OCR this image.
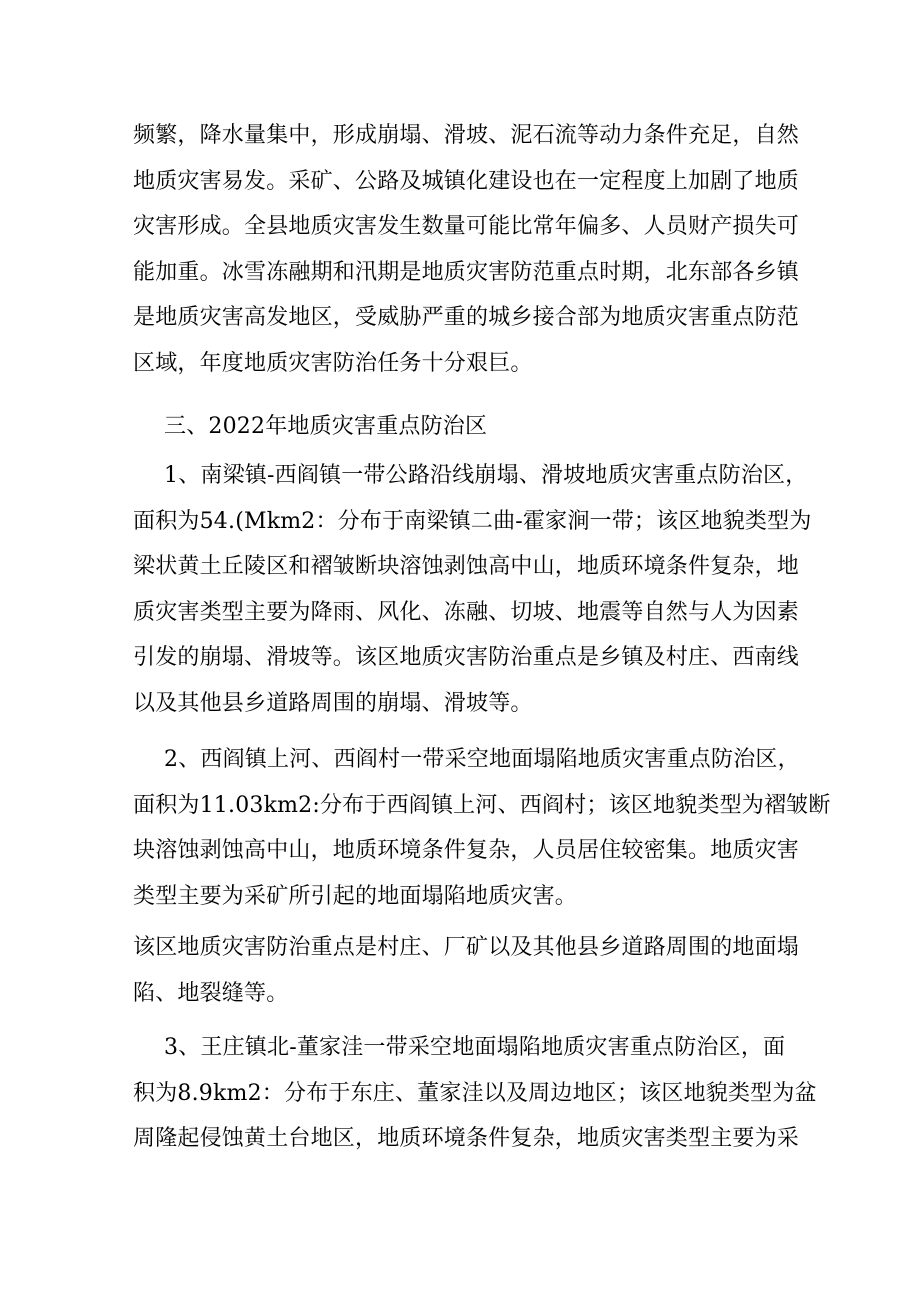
频繁，降水量集中，形成崩塌、滑坡、泥石流等动力条件充足，自然
地质灾害易发。采矿、公路及城镇化建设也在一定程度上加剧了地质
灾害形成。全县地质灾害发生数量可能比常年偏多、人员财产损失可
能加重。冰雪冻融期和汛期是地质灾害防范重点时期，北东部各乡镇
是地质灾害高发地区，受威胁严重的城乡接合部为地质灾害重点防范
区域，年度地质灾害防治任务十分艰巨。
三、2022年地质灾害重点防治区
1、南梁镇-西阎镇一带公路沿线崩塌、滑坡地质灾害重点防治区，
面积为54.(Mkm2：分布于南梁镇二曲-霍家涧一带；该区地貌类型为
梁状黄土丘陵区和褶皱断块溶蚀剥蚀高中山，地质环境条件复杂，地
质灾害类型主要为降雨、风化、冻融、切坡、地震等自然与人为因素
引发的崩塌、滑坡等。该区地质灾害防治重点是乡镇及村庄、西南线
以及其他县乡道路周围的崩塌、滑坡等。
2、西阎镇上河、西阎村一带采空地面塌陷地质灾害重点防治区，
面积为11.03km2:分布于西阎镇上河、西阎村；该区地貌类型为褶皱断
块溶蚀剥蚀高中山，地质环境条件复杂，人员居住较密集。地质灾害
类型主要为采矿所引起的地面塌陷地质灾害。
该区地质灾害防治重点是村庄、厂矿以及其他县乡道路周围的地面塌
陷、地裂缝等。
3、王庄镇北-董家洼一带采空地面塌陷地质灾害重点防治区，面
积为8.9km2：分布于东庄、董家洼以及周边地区；该区地貌类型为盆
周隆起侵蚀黄土台地区，地质环境条件复杂，地质灾害类型主要为采
